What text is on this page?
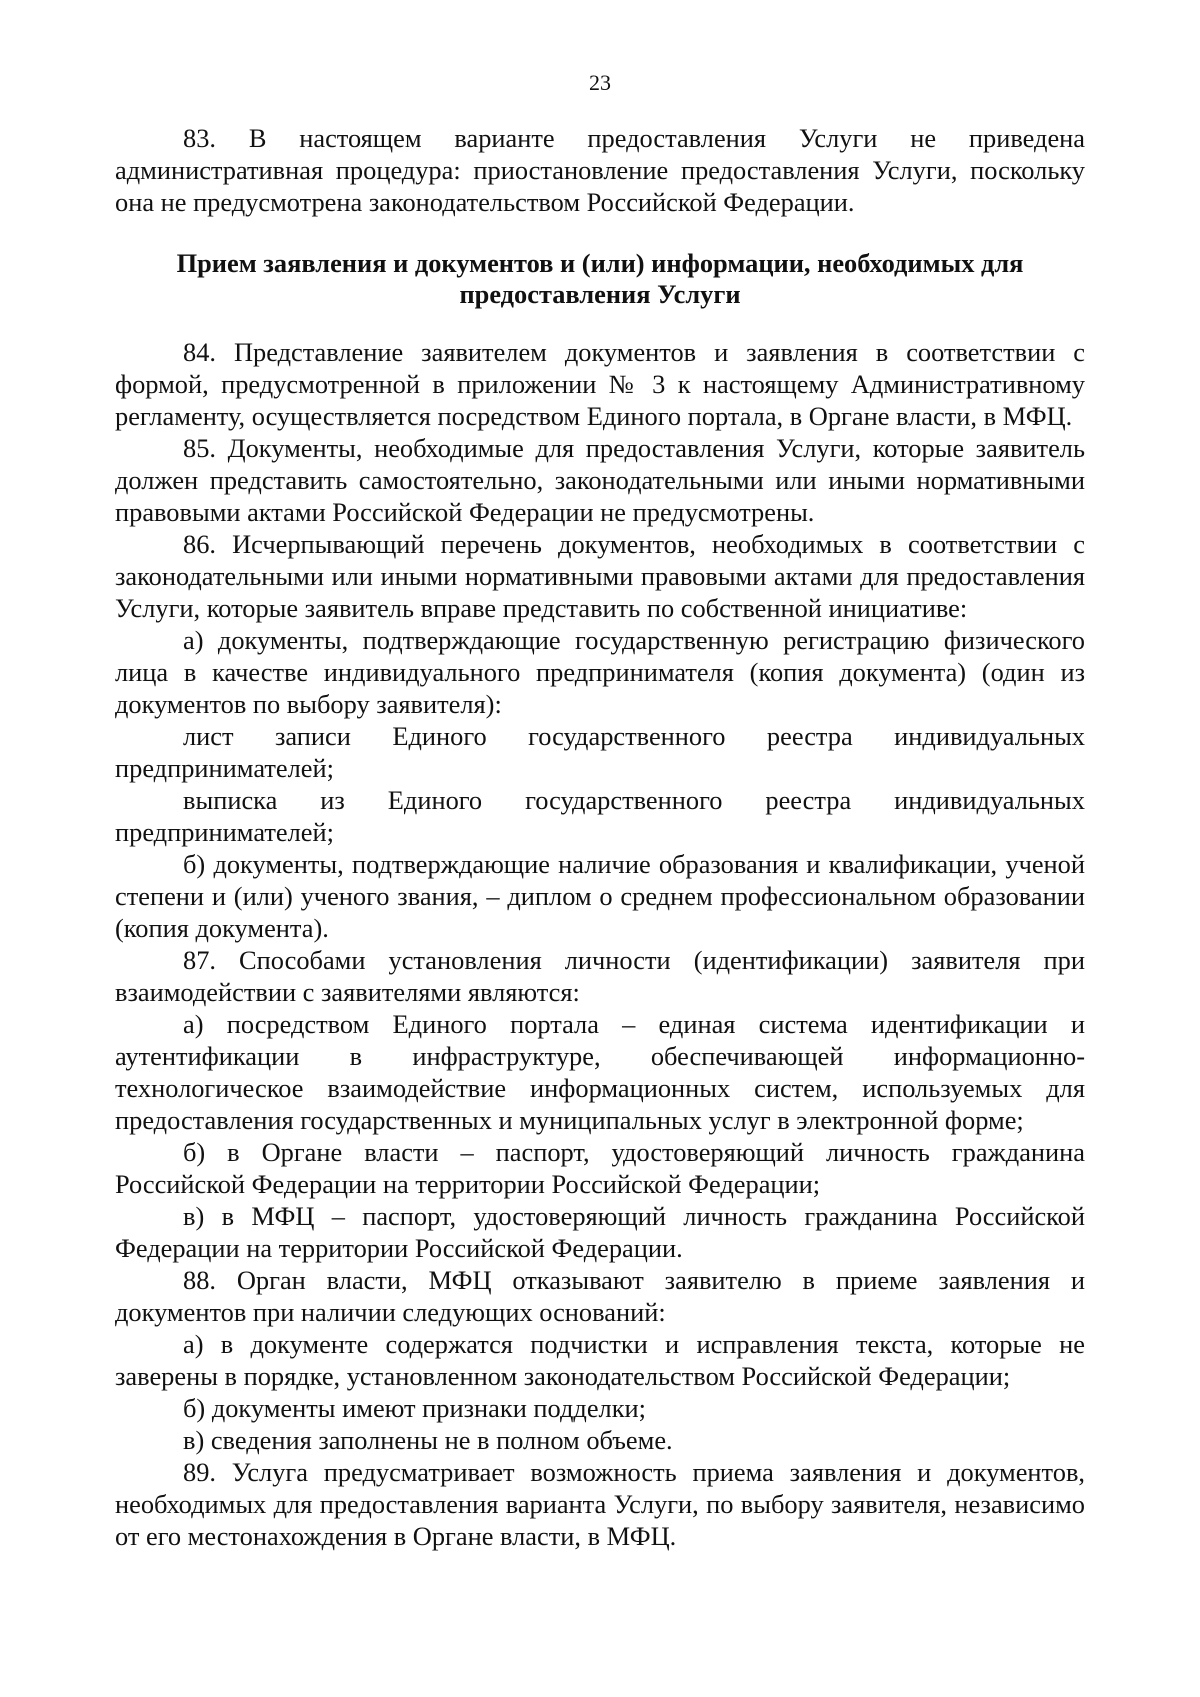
23

83. В настоящем варианте предоставления Услуги не приведена административная процедура: приостановление предоставления Услуги, поскольку она не предусмотрена законодательством Российской Федерации.

Прием заявления и документов и (или) информации, необходимых для предоставления Услуги

84. Представление заявителем документов и заявления в соответствии с формой, предусмотренной в приложении № 3 к настоящему Административному регламенту, осуществляется посредством Единого портала, в Органе власти, в МФЦ.

85. Документы, необходимые для предоставления Услуги, которые заявитель должен представить самостоятельно, законодательными или иными нормативными правовыми актами Российской Федерации не предусмотрены.

86. Исчерпывающий перечень документов, необходимых в соответствии с законодательными или иными нормативными правовыми актами для предоставления Услуги, которые заявитель вправе представить по собственной инициативе:

а) документы, подтверждающие государственную регистрацию физического лица в качестве индивидуального предпринимателя (копия документа) (один из документов по выбору заявителя):

лист записи Единого государственного реестра индивидуальных предпринимателей;

выписка из Единого государственного реестра индивидуальных предпринимателей;

б) документы, подтверждающие наличие образования и квалификации, ученой степени и (или) ученого звания, – диплом о среднем профессиональном образовании (копия документа).

87. Способами установления личности (идентификации) заявителя при взаимодействии с заявителями являются:

а) посредством Единого портала – единая система идентификации и аутентификации в инфраструктуре, обеспечивающей информационно-технологическое взаимодействие информационных систем, используемых для предоставления государственных и муниципальных услуг в электронной форме;

б) в Органе власти – паспорт, удостоверяющий личность гражданина Российской Федерации на территории Российской Федерации;

в) в МФЦ – паспорт, удостоверяющий личность гражданина Российской Федерации на территории Российской Федерации.

88. Орган власти, МФЦ отказывают заявителю в приеме заявления и документов при наличии следующих оснований:

а) в документе содержатся подчистки и исправления текста, которые не заверены в порядке, установленном законодательством Российской Федерации;

б) документы имеют признаки подделки;

в) сведения заполнены не в полном объеме.

89. Услуга предусматривает возможность приема заявления и документов, необходимых для предоставления варианта Услуги, по выбору заявителя, независимо от его местонахождения в Органе власти, в МФЦ.
